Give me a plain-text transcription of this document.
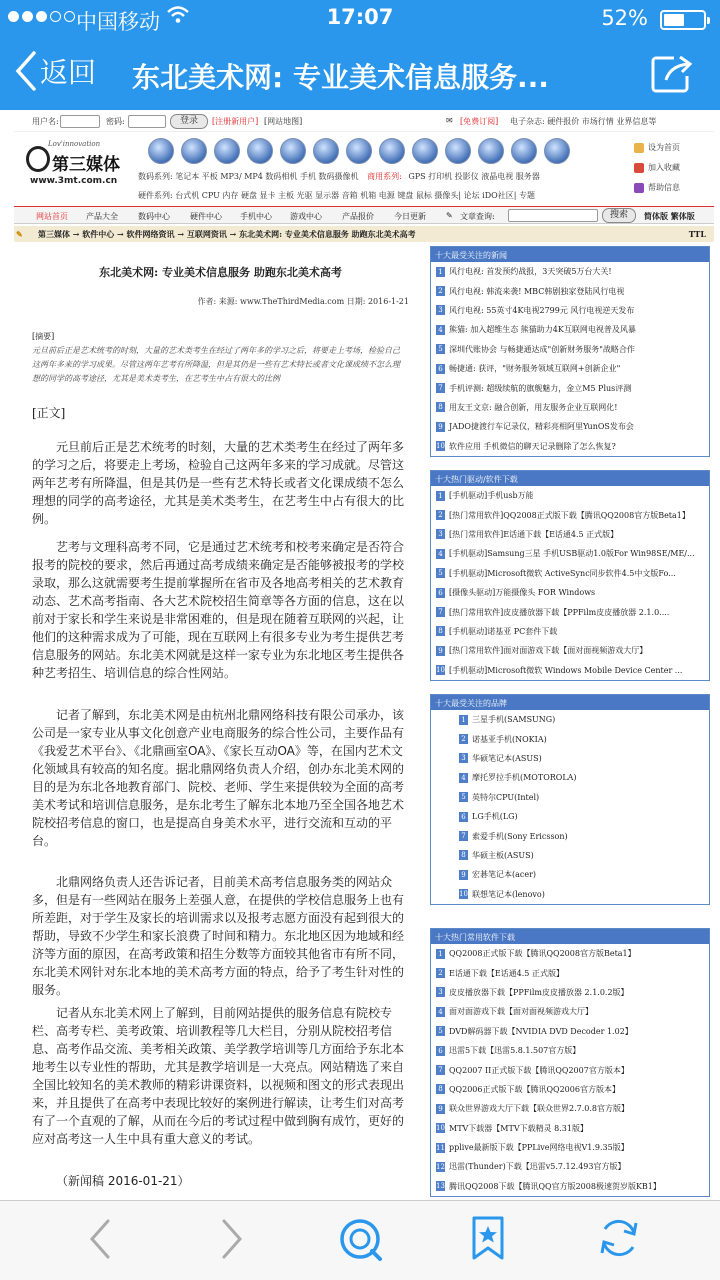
中国移动	17:07	52%
返回 东北美术网: 专业美术信息服务...
用户名:	密码:	登录	[注册新用户] [网站地图]	✉ [免费订阅] 电子杂志: 硬件报价 市场行情 业界信息等
Lov'innovation
第三媒体
www.3mt.com.cn	数码系列: 笔记本 平板 MP3/ MP4 数码相机 手机 数码摄像机 商用系列: GPS 打印机 投影仪 液晶电视 服务器
硬件系列: 台式机 CPU 内存 硬盘 显卡 主板 光驱 显示器 音箱 机箱 电源 键盘 鼠标 摄像头| 论坛 iDO社区| 专题
设为首页
加入收藏
帮助信息
网站首页 产品大全	数码中心	硬件中心 手机中心 游戏中心	产品报价	今日更新	✎ 文章查询:	搜索	简体版 繁体版
✎ 第三媒体 → 软件中心 → 软件网络资讯 → 互联网资讯 → 东北美术网: 专业美术信息服务 助跑东北美术高考	TTL
东北美术网: 专业美术信息服务 助跑东北美术高考
作者: 来源: www.TheThirdMedia.com 日期: 2016-1-21
[摘要]
元旦前后正是艺术统考的时刻，大量的艺术类考生在经过了两年多的学习之后，将要走上考场，检验自己这两年多来的学习成果。尽管这两年艺考有所降温，但是其仍是一些有艺术特长或者文化课成绩不怎么理想的同学的高考途径，尤其是美术类考生，在艺考生中占有很大的比例
[正文]
元旦前后正是艺术统考的时刻，大量的艺术类考生在经过了两年多的学习之后，将要走上考场，检验自己这两年多来的学习成就。尽管这两年艺考有所降温，但是其仍是一些有艺术特长或者文化课成绩不怎么理想的同学的高考途径，尤其是美术类考生，在艺考生中占有很大的比例。
艺考与文理科高考不同，它是通过艺术统考和校考来确定是否符合报考的院校的要求，然后再通过高考成绩来确定是否能够被报考的学校录取，那么这就需要考生提前掌握所在省市及各地高考相关的艺术教育动态、艺术高考指南、各大艺术院校招生简章等各方面的信息，这在以前对于家长和学生来说是非常困难的，但是现在随着互联网的兴起，让他们的这种需求成为了可能，现在互联网上有很多专业为考生提供艺考信息服务的网站。东北美术网就是这样一家专业为东北地区考生提供各种艺考招生、培训信息的综合性网站。
记者了解到，东北美术网是由杭州北鼎网络科技有限公司承办，该公司是一家专业从事文化创意产业电商服务的综合性公司，主要作品有《我爱艺术平台》、《北鼎画室OA》、《家长互动OA》等，在国内艺术文化领域具有较高的知名度。据北鼎网络负责人介绍，创办东北美术网的目的是为东北各地教育部门、院校、老师、学生来提供较为全面的高考美术考试和培训信息服务，是东北考生了解东北本地乃至全国各地艺术院校招考信息的窗口，也是提高自身美术水平，进行交流和互动的平台。
北鼎网络负责人还告诉记者，目前美术高考信息服务类的网站众多，但是有一些网站在服务上差强人意，在提供的学校信息服务上也有所差距，对于学生及家长的培训需求以及报考志愿方面没有起到很大的帮助，导致不少学生和家长浪费了时间和精力。东北地区因为地域和经济等方面的原因，在高考政策和招生分数等方面较其他省市有所不同，东北美术网针对东北本地的美术高考方面的特点，给予了考生针对性的服务。
记者从东北美术网上了解到，目前网站提供的服务信息有院校专栏、高考专栏、美考政策、培训教程等几大栏目，分别从院校招考信息、高考作品交流、美考相关政策、美学教学培训等几方面给予东北本地考生以专业性的帮助，尤其是教学培训是一大亮点。网站精选了来自全国比较知名的美术教师的精彩讲课资料，以视频和图文的形式表现出来，并且提供了在高考中表现比较好的案例进行解读，让考生们对高考有了一个直观的了解，从而在今后的考试过程中做到胸有成竹，更好的应对高考这一人生中具有重大意义的考试。
（新闻稿 2016-01-21）
十大最受关注的新闻
1 风行电视: 首发预约战报，3天突破5万台大关!
2 风行电视: 韩流来袭! MBC韩剧独家登陆风行电视
3 风行电视: 55英寸4K电视2799元 风行电视逆天发布
4 熊猫: 加入超维生态 熊猫助力4K互联网电视普及风暴
5 深圳代账协会 与畅捷通达成"创新财务服务"战略合作
6 畅捷通: 获评，"财务服务领域互联网+创新企业"
7 手机评测: 超级续航的旗舰魅力，金立M5 Plus评测
8 用友王文京: 融合创新，用友服务企业互联网化!
9 JADO捷渡行车记录仪，精彩亮相阿里YunOS发布会
10 软件应用 手机微信的聊天记录删除了怎么恢复?
十大热门驱动/软件下载
1 [手机驱动]手机usb万能
2 [热门常用软件]QQ2008正式版下载【腾讯QQ2008官方版Beta1】
3 [热门常用软件]E话通下载【E话通4.5 正式版】
4 [手机驱动]Samsung三星 手机USB驱动1.0版For Win98SE/ME/...
5 [手机驱动]Microsoft微软 ActiveSync同步软件4.5中文版Fo...
6 [摄像头驱动]万能摄像头 FOR Windows
7 [热门常用软件]皮皮播放器下载【PPFilm皮皮播放器 2.1.0....
8 [手机驱动]诺基亚 PC套件下载
9 [热门常用软件]面对面游戏下载【面对面视频游戏大厅】
10 [手机驱动]Microsoft微软 Windows Mobile Device Center ...
十大最受关注的品牌
1 三星手机(SAMSUNG)
2 诺基亚手机(NOKIA)
3 华硕笔记本(ASUS)
4 摩托罗拉手机(MOTOROLA)
5 英特尔CPU(Intel)
6 LG手机(LG)
7 索爱手机(Sony Ericsson)
8 华硕主板(ASUS)
9 宏碁笔记本(acer)
10 联想笔记本(lenovo)
十大热门常用软件下载
1 QQ2008正式版下载【腾讯QQ2008官方版Beta1】
2 E话通下载【E话通4.5 正式版】
3 皮皮播放器下载【PPFilm皮皮播放器 2.1.0.2版】
4 面对面游戏下载【面对面视频游戏大厅】
5 DVD解码器下载【NVIDIA DVD Decoder 1.02】
6 迅雷5下载【迅雷5.8.1.507官方版】
7 QQ2007 II正式版下载【腾讯QQ2007官方版本】
8 QQ2006正式版下载【腾讯QQ2006官方版本】
9 联众世界游戏大厅下载【联众世界2.7.0.8官方版】
10 MTV下载器【MTV下载精灵 8.31版】
11 pplive最新版下载【PPLive网络电视V1.9.35版】
12 迅雷(Thunder)下载【迅雷v5.7.12.493官方版】
13 腾讯QQ2008下载【腾讯QQ官方版2008极速贺岁版KB1】
